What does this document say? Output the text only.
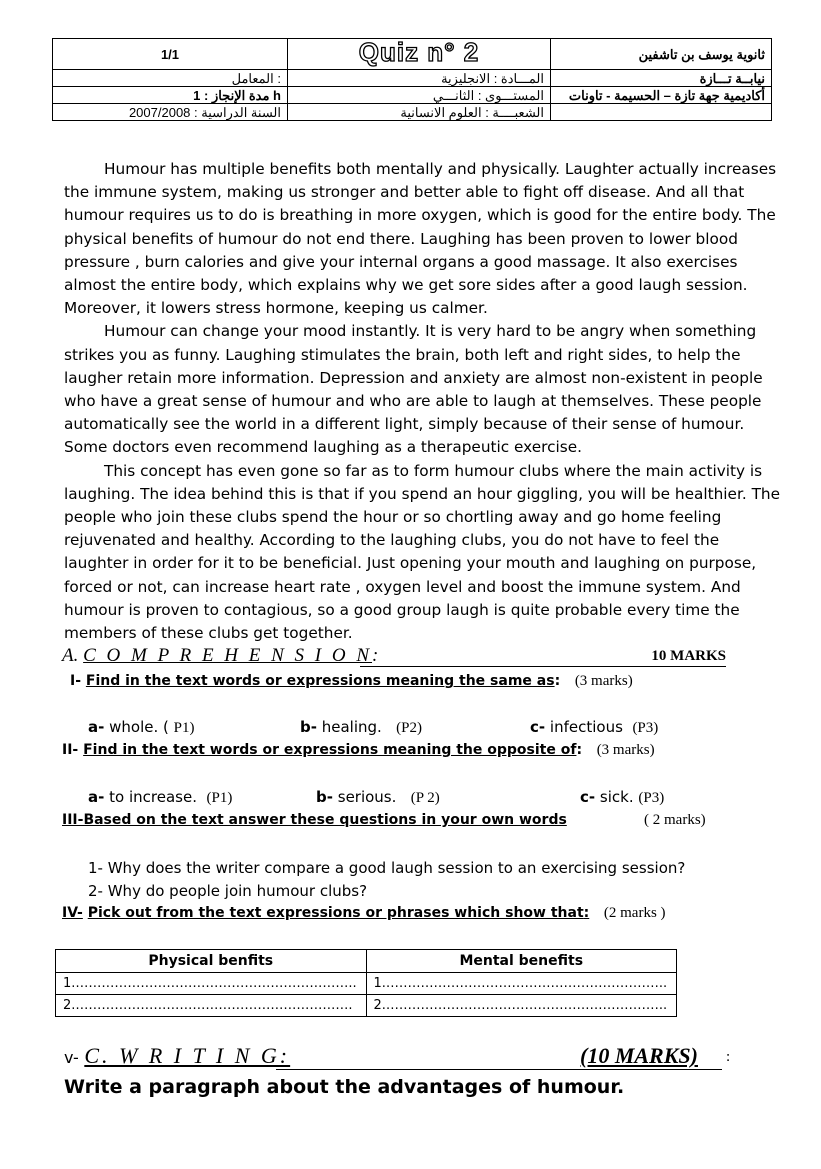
1/1	Quiz n° 2	ثانوية يوسف بن تاشفين
المعامل :	المـــادة : الانجليزية	نيابــة تـــازة
مدة الإنجاز : 1 h	المستـــوى : الثانـــي	أكاديمية جهة تازة – الحسيمة - تاونات
السنة الدراسية : 2007/2008	الشعبــــة : العلوم الانسانية	

Humour has multiple benefits both mentally and physically. Laughter actually increases the immune system, making us stronger and better able to fight off disease. And all that humour requires us to do is breathing in more oxygen, which is good for the entire body. The physical benefits of humour do not end there. Laughing has been proven to lower blood pressure , burn calories and give your internal organs a good massage. It also exercises almost the entire body, which explains why we get sore sides after a good laugh session. Moreover, it lowers stress hormone, keeping us calmer.

Humour can change your mood instantly. It is very hard to be angry when something strikes you as funny. Laughing stimulates the brain, both left and right sides, to help the laugher retain more information. Depression and anxiety are almost non-existent in people who have a great sense of humour and who are able to laugh at themselves. These people automatically see the world in a different light, simply because of their sense of humour. Some doctors even recommend laughing as a therapeutic exercise.

This concept has even gone so far as to form humour clubs where the main activity is laughing. The idea behind this is that if you spend an hour giggling, you will be healthier. The people who join these clubs spend the hour or so chortling away and go home feeling rejuvenated and healthy. According to the laughing clubs, you do not have to feel the laughter in order for it to be beneficial. Just opening your mouth and laughing on purpose, forced or not, can increase heart rate , oxygen level and boost the immune system. And humour is proven to contagious, so a good group laugh is quite probable every time the members of these clubs get together.

A. C O M P R E H E N S I O N:	10 MARKS
I- Find in the text words or expressions meaning the same as: (3 marks)
a- whole. ( P1)	b- healing. (P2)	c- infectious (P3)
II- Find in the text words or expressions meaning the opposite of: (3 marks)
a- to increase. (P1)	b- serious. (P 2)	c- sick. (P3)
III-Based on the text answer these questions in your own words	( 2 marks)
1- Why does the writer compare a good laugh session to an exercising session?
2- Why do people join humour clubs?
IV- Pick out from the text expressions or phrases which show that: (2 marks )
Physical benfits	Mental benefits
1.………………………………………………………..	1.………………………………………………………..
2.……………………………………………………….	2.………………………………………………………..
v- C. W R I T I N G:	(10 MARKS) :
Write a paragraph about the advantages of humour.
